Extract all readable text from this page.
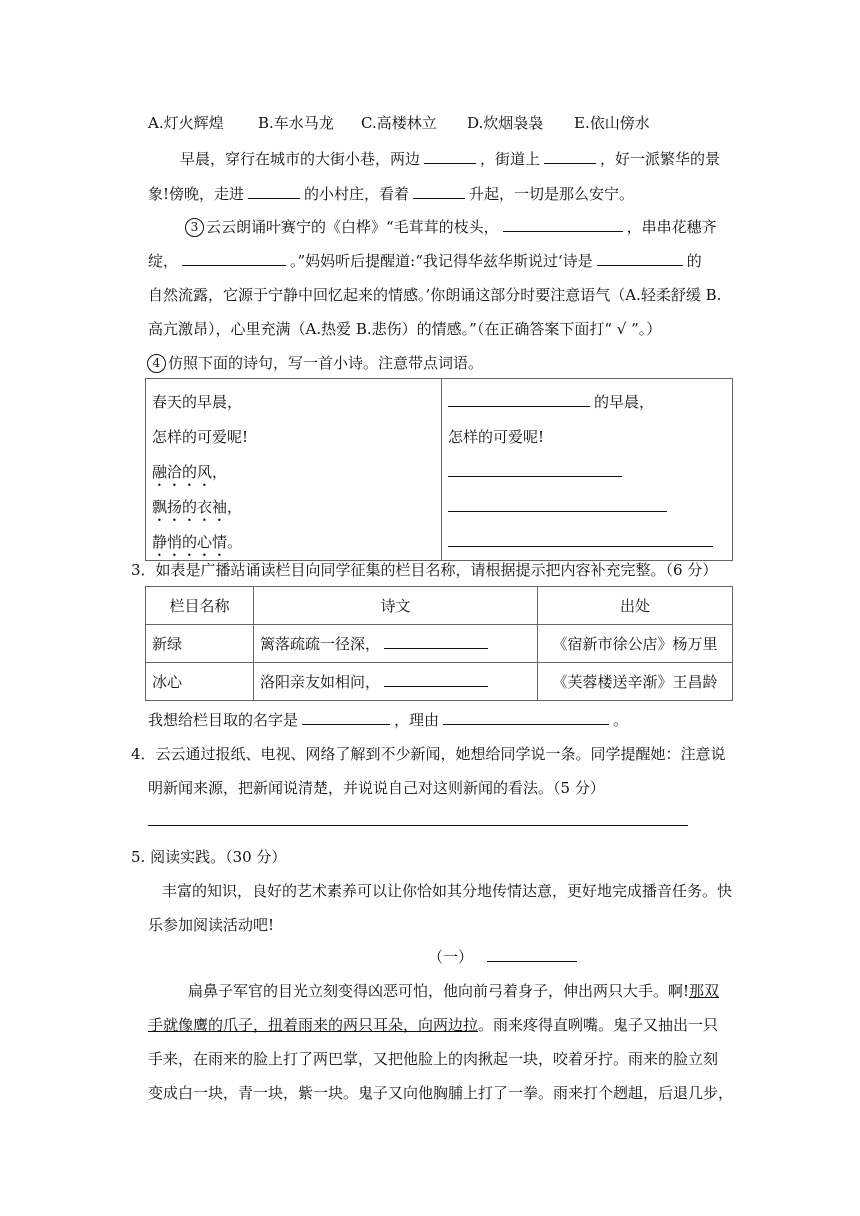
A.灯火辉煌 B.车水马龙 C.高楼林立 D.炊烟袅袅 E.依山傍水
早晨，穿行在城市的大街小巷，两边	，街道上	，好一派繁华的景
象!傍晚，走进	的小村庄，看着	升起，一切是那么安宁。
3 云云朗诵叶赛宁的《白桦》“毛茸茸的枝头，	，串串花穗齐
绽，	。”妈妈听后提醒道:“我记得华兹华斯说过‘诗是	的
自然流露，它源于宁静中回忆起来的情感。’你朗诵这部分时要注意语气（A.轻柔舒缓 B.
高亢激昂），心里充满（A.热爱 B.悲伤）的情感。”（在正确答案下面打“ √ ”。）
4 仿照下面的诗句，写一首小诗。注意带点词语。
春天的早晨，
怎样的可爱呢!
融洽的风，
飘扬的衣袖，
静悄的心情。

的早晨，
怎样的可爱呢!
3．如表是广播站诵读栏目向同学征集的栏目名称，请根据提示把内容补充完整。（6 分）
栏目名称	诗文	出处
新绿	篱落疏疏一径深，	《宿新市徐公店》杨万里
冰心	洛阳亲友如相问，	《芙蓉楼送辛渐》王昌龄
我想给栏目取的名字是	，理由	。
4．云云通过报纸、电视、网络了解到不少新闻，她想给同学说一条。同学提醒她：注意说
明新闻来源，把新闻说清楚，并说说自己对这则新闻的看法。（5 分）
5. 阅读实践。（30 分）
丰富的知识，良好的艺术素养可以让你恰如其分地传情达意，更好地完成播音任务。快
乐参加阅读活动吧!
（一）
扁鼻子军官的目光立刻变得凶恶可怕，他向前弓着身子，伸出两只大手。啊!那双
手就像鹰的爪子，扭着雨来的两只耳朵，向两边拉。雨来疼得直咧嘴。鬼子又抽出一只
手来，在雨来的脸上打了两巴掌，又把他脸上的肉揪起一块，咬着牙拧。雨来的脸立刻
变成白一块，青一块，紫一块。鬼子又向他胸脯上打了一拳。雨来打个趔趄，后退几步，
